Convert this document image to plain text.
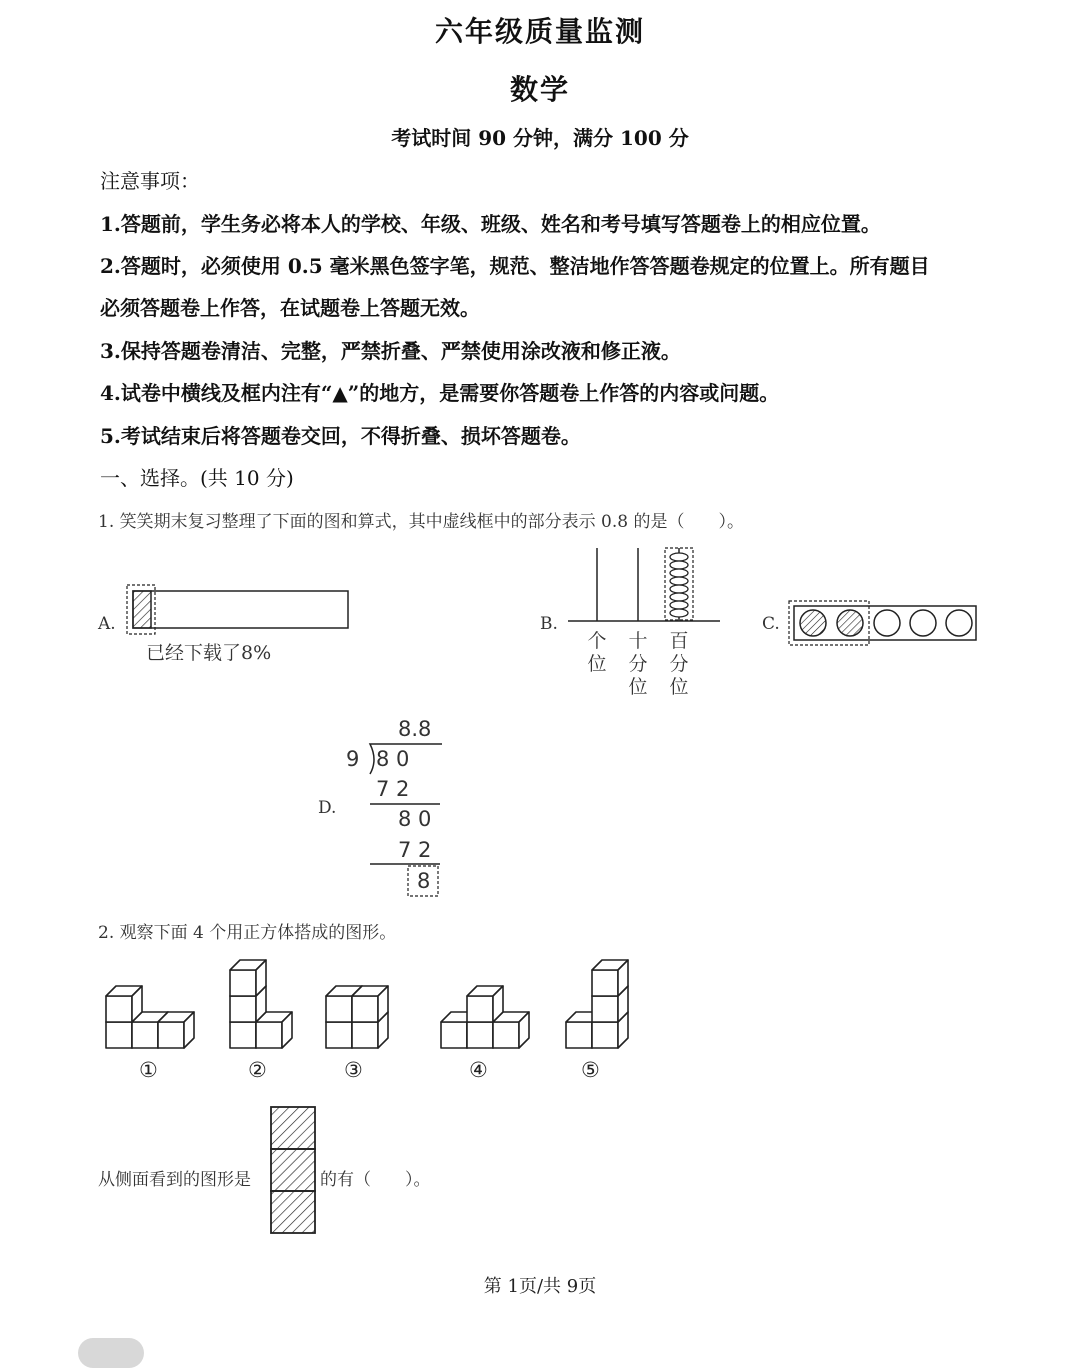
六年级质量监测
数学
考试时间 90 分钟，满分 100 分
注意事项：
1.答题前，学生务必将本人的学校、年级、班级、姓名和考号填写答题卷上的相应位置。
2.答题时，必须使用 0.5 毫米黑色签字笔，规范、整洁地作答答题卷规定的位置上。所有题目
必须答题卷上作答，在试题卷上答题无效。
3.保持答题卷清洁、完整，严禁折叠、严禁使用涂改液和修正液。
4.试卷中横线及框内注有“▲”的地方，是需要你答题卷上作答的内容或问题。
5.考试结束后将答题卷交回，不得折叠、损坏答题卷。
一、选择。(共 10 分)
1. 笑笑期末复习整理了下面的图和算式，其中虚线框中的部分表示 0.8 的是（　　）。
A.
已经下载了8%
B.
个位
十分位
百分位
C.
D.
8.8
9 8 0
7 2
8 0
7 2
8
2. 观察下面 4 个用正方体搭成的图形。
①	②	③	④	⑤
从侧面看到的图形是	的有（　　）。
第 1页/共 9页
